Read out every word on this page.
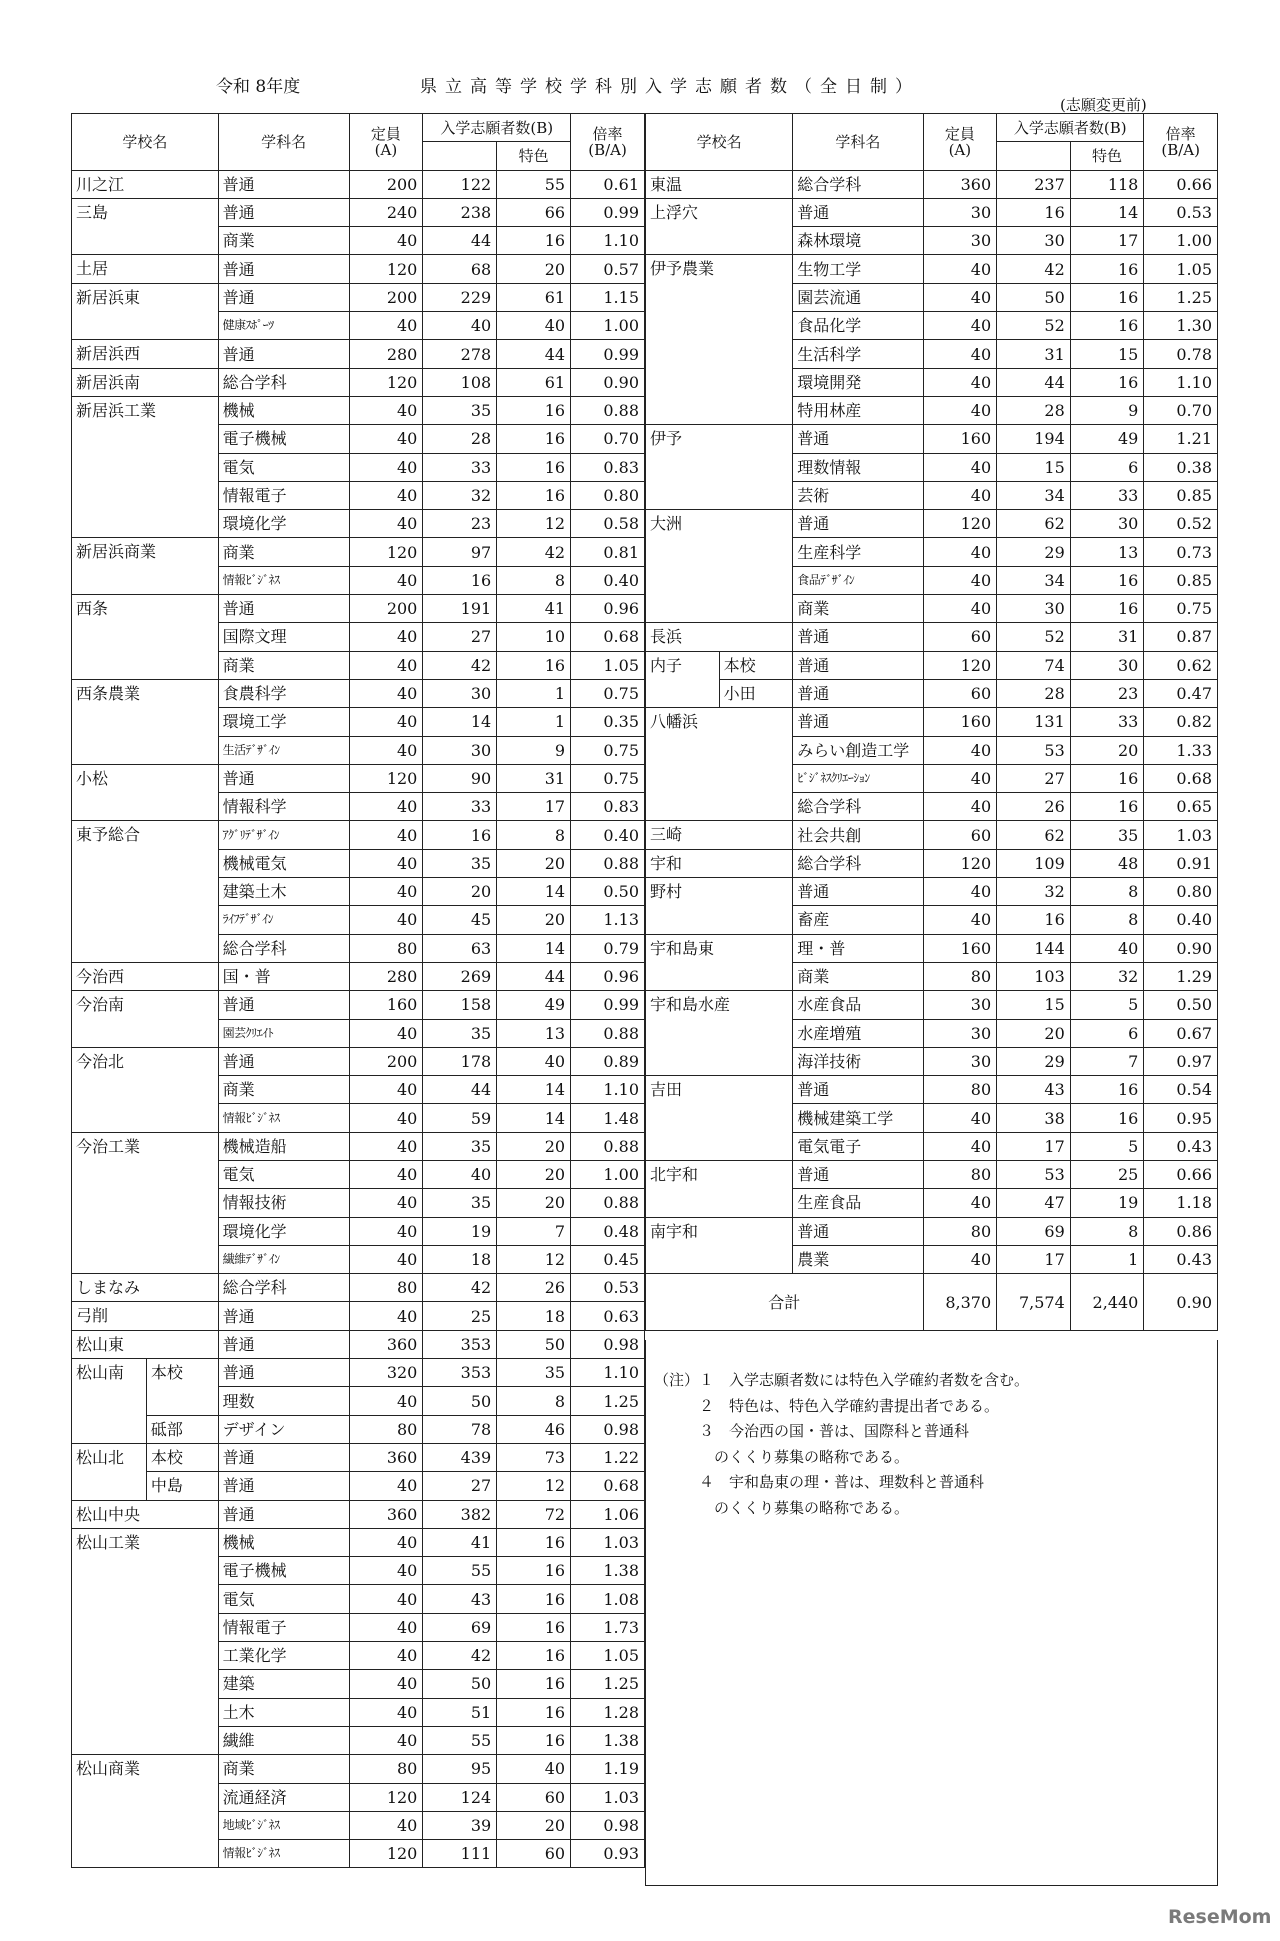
令和 8年度	県立高等学校学科別入学志願者数（全日制）
(志願変更前)
学校名		学科名	定員
(A)	入学志願者数(B)		倍率
(B/A)
					特色	
川之江		普通	200	122	55	0.61
三島		普通	240	238	66	0.99
		商業	40	44	16	1.10
土居		普通	120	68	20	0.57
新居浜東		普通	200	229	61	1.15
		健康ｽﾎﾟｰﾂ	40	40	40	1.00
新居浜西		普通	280	278	44	0.99
新居浜南		総合学科	120	108	61	0.90
新居浜工業		機械	40	35	16	0.88
		電子機械	40	28	16	0.70
		電気	40	33	16	0.83
		情報電子	40	32	16	0.80
		環境化学	40	23	12	0.58
新居浜商業		商業	120	97	42	0.81
		情報ﾋﾞｼﾞﾈｽ	40	16	8	0.40
西条		普通	200	191	41	0.96
		国際文理	40	27	10	0.68
		商業	40	42	16	1.05
西条農業		食農科学	40	30	1	0.75
		環境工学	40	14	1	0.35
		生活ﾃﾞｻﾞｲﾝ	40	30	9	0.75
小松		普通	120	90	31	0.75
		情報科学	40	33	17	0.83
東予総合		ｱｸﾞﾘﾃﾞｻﾞｲﾝ	40	16	8	0.40
		機械電気	40	35	20	0.88
		建築土木	40	20	14	0.50
		ﾗｲﾌﾃﾞｻﾞｲﾝ	40	45	20	1.13
		総合学科	80	63	14	0.79
今治西		国・普	280	269	44	0.96
今治南		普通	160	158	49	0.99
		園芸ｸﾘｴｲﾄ	40	35	13	0.88
今治北		普通	200	178	40	0.89
		商業	40	44	14	1.10
		情報ﾋﾞｼﾞﾈｽ	40	59	14	1.48
今治工業		機械造船	40	35	20	0.88
		電気	40	40	20	1.00
		情報技術	40	35	20	0.88
		環境化学	40	19	7	0.48
		繊維ﾃﾞｻﾞｲﾝ	40	18	12	0.45
しまなみ		総合学科	80	42	26	0.53
弓削		普通	40	25	18	0.63
松山東		普通	360	353	50	0.98
松山南	本校	普通	320	353	35	1.10
		理数	40	50	8	1.25
	砥部	デザイン	80	78	46	0.98
松山北	本校	普通	360	439	73	1.22
	中島	普通	40	27	12	0.68
松山中央		普通	360	382	72	1.06
松山工業		機械	40	41	16	1.03
		電子機械	40	55	16	1.38
		電気	40	43	16	1.08
		情報電子	40	69	16	1.73
		工業化学	40	42	16	1.05
		建築	40	50	16	1.25
		土木	40	51	16	1.28
		繊維	40	55	16	1.38
松山商業		商業	80	95	40	1.19
		流通経済	120	124	60	1.03
		地域ﾋﾞｼﾞﾈｽ	40	39	20	0.98
		情報ﾋﾞｼﾞﾈｽ	120	111	60	0.93
学校名		学科名	定員
(A)	入学志願者数(B)		倍率
(B/A)
					特色	
東温		総合学科	360	237	118	0.66
上浮穴		普通	30	16	14	0.53
		森林環境	30	30	17	1.00
伊予農業		生物工学	40	42	16	1.05
		園芸流通	40	50	16	1.25
		食品化学	40	52	16	1.30
		生活科学	40	31	15	0.78
		環境開発	40	44	16	1.10
		特用林産	40	28	9	0.70
伊予		普通	160	194	49	1.21
		理数情報	40	15	6	0.38
		芸術	40	34	33	0.85
大洲		普通	120	62	30	0.52
		生産科学	40	29	13	0.73
		食品ﾃﾞｻﾞｲﾝ	40	34	16	0.85
		商業	40	30	16	0.75
長浜		普通	60	52	31	0.87
内子	本校	普通	120	74	30	0.62
	小田	普通	60	28	23	0.47
八幡浜		普通	160	131	33	0.82
		みらい創造工学	40	53	20	1.33
		ﾋﾞｼﾞﾈｽｸﾘｴｰｼｮﾝ	40	27	16	0.68
		総合学科	40	26	16	0.65
三崎		社会共創	60	62	35	1.03
宇和		総合学科	120	109	48	0.91
野村		普通	40	32	8	0.80
		畜産	40	16	8	0.40
宇和島東		理・普	160	144	40	0.90
		商業	80	103	32	1.29
宇和島水産		水産食品	30	15	5	0.50
		水産増殖	30	20	6	0.67
		海洋技術	30	29	7	0.97
吉田		普通	80	43	16	0.54
		機械建築工学	40	38	16	0.95
		電気電子	40	17	5	0.43
北宇和		普通	80	53	25	0.66
		生産食品	40	47	19	1.18
南宇和		普通	80	69	8	0.86
		農業	40	17	1	0.43
合計			8,370	7,574	2,440	0.90
（注）１　入学志願者数には特色入学確約者数を含む。
　　　２　特色は、特色入学確約書提出者である。
　　　３　今治西の国・普は、国際科と普通科
　　　　のくくり募集の略称である。
　　　４　宇和島東の理・普は、理数科と普通科
　　　　のくくり募集の略称である。
ReseMom
